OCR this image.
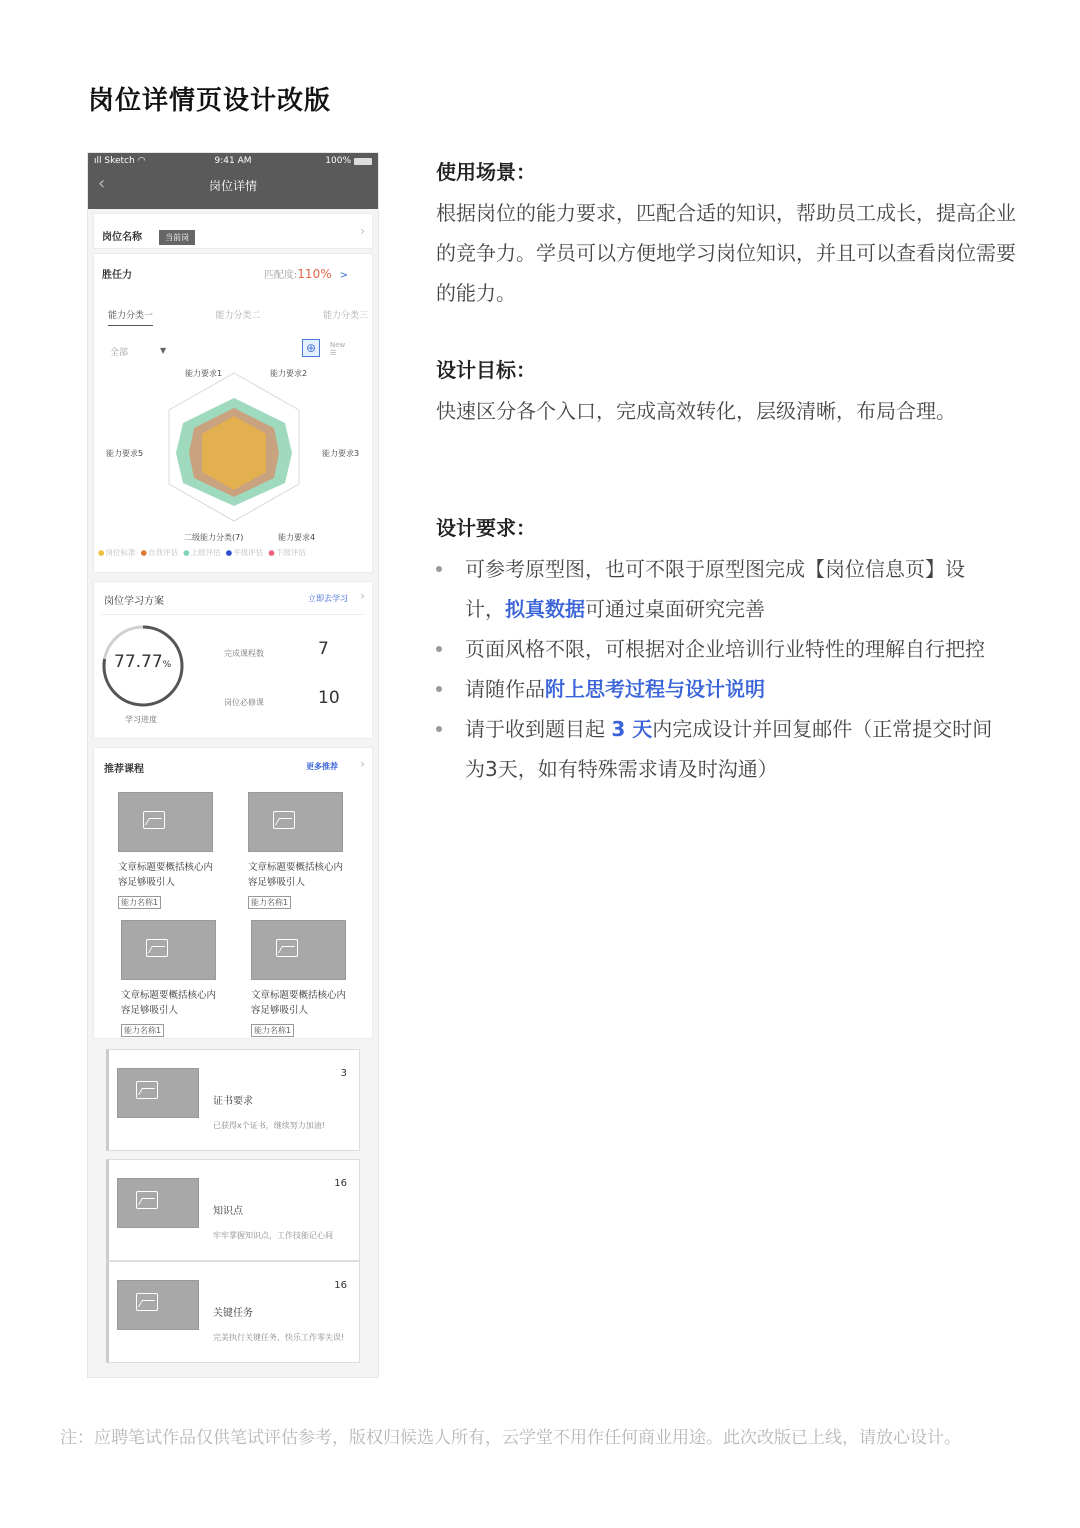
岗位详情页设计改版
ıll Sketch ◠	9:41 AM	100%
‹	岗位详情
岗位名称	当前岗	›
胜任力	匹配度:110% >
能力分类一	能力分类二	能力分类三
全部	▼	⊕	New
☰
能力要求1	能力要求2
能力要求3
能力要求4
二级能力分类(7)
能力要求5
● 岗位标准	● 自我评估	● 上级评估	● 平级评估	● 下级评估
岗位学习方案	立即去学习 ›
77.77%
学习进度
完成课程数	7
岗位必修课	10
推荐课程	更多推荐 ›
文章标题要概括核心内容足够吸引人
能力名称1
文章标题要概括核心内容足够吸引人
能力名称1
文章标题要概括核心内容足够吸引人
能力名称1
文章标题要概括核心内容足够吸引人
能力名称1
3
证书要求
已获得x个证书，继续努力加油!
16
知识点
牢牢掌握知识点，工作技能记心间
16
关键任务
完美执行关键任务，快乐工作零失误!
使用场景：
根据岗位的能力要求，匹配合适的知识，帮助员工成长，提高企业的竞争力。学员可以方便地学习岗位知识，并且可以查看岗位需要的能力。
设计目标：
快速区分各个入口，完成高效转化，层级清晰，布局合理。
设计要求：
可参考原型图，也可不限于原型图完成【岗位信息页】设计，拟真数据可通过桌面研究完善
页面风格不限，可根据对企业培训行业特性的理解自行把控
请随作品附上思考过程与设计说明
请于收到题目起 3 天内完成设计并回复邮件（正常提交时间为3天，如有特殊需求请及时沟通）
注：应聘笔试作品仅供笔试评估参考，版权归候选人所有，云学堂不用作任何商业用途。此次改版已上线，请放心设计。
